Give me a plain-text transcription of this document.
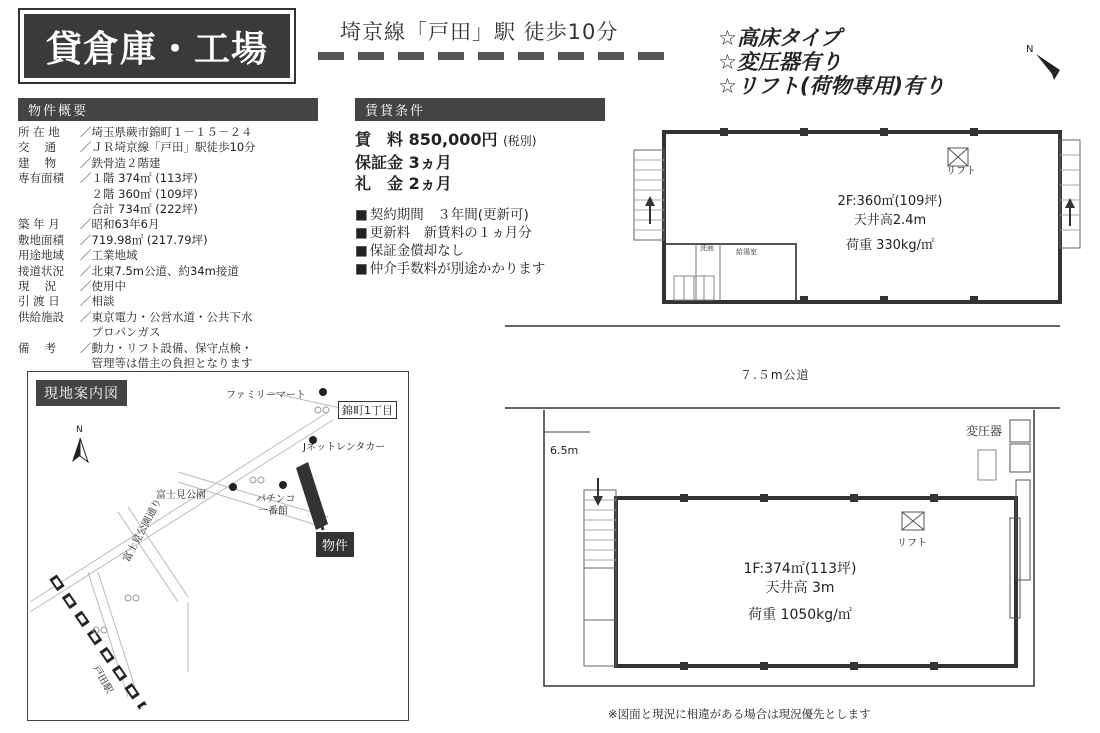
貸倉庫・工場	埼京線「戸田」駅 徒歩10分	☆高床タイプ
☆変圧器有り
☆リフト(荷物専用)有り
N
物件概要
所 在 地	／埼玉県蕨市錦町１－１５－２４
交　 通	／ＪＲ埼京線「戸田」駅徒歩10分
建　 物	／鉄骨造２階建
専有面積	／１階 374㎡ (113坪)
　２階 360㎡ (109坪)
　合計 734㎡ (222坪)
築 年 月	／昭和63年6月
敷地面積	／719.98㎡ (217.79坪)
用途地域	／工業地域
接道状況	／北東7.5m公道、約34m接道
現　 況	／使用中
引 渡 日	／相談
供給施設	／東京電力・公営水道・公共下水
　プロパンガス
備　 考	／動力・リフト設備、保守点検・
　管理等は借主の負担となります
賃貸条件
賃　料 850,000円 (税別)
保証金 3ヵ月
礼　金 2ヵ月
■ 契約期間　３年間(更新可)
■ 更新料　新賃料の１ヵ月分
■ 保証金償却なし
■ 仲介手数料が別途かかります
現地案内図
N
ファミリーマート
錦町1丁目
Jネットレンタカー
富士見公園	パチンコ
一番館
物件
富士見公園通り
戸田駅
リフト
洗面	給湯室
2F:360㎡(109坪)
天井高2.4m
荷重 330kg/㎡
７.５m公道
6.5m
変圧器
リフト
1F:374㎡(113坪)
天井高 3m
荷重 1050kg/㎡
※図面と現況に相違がある場合は現況優先とします
